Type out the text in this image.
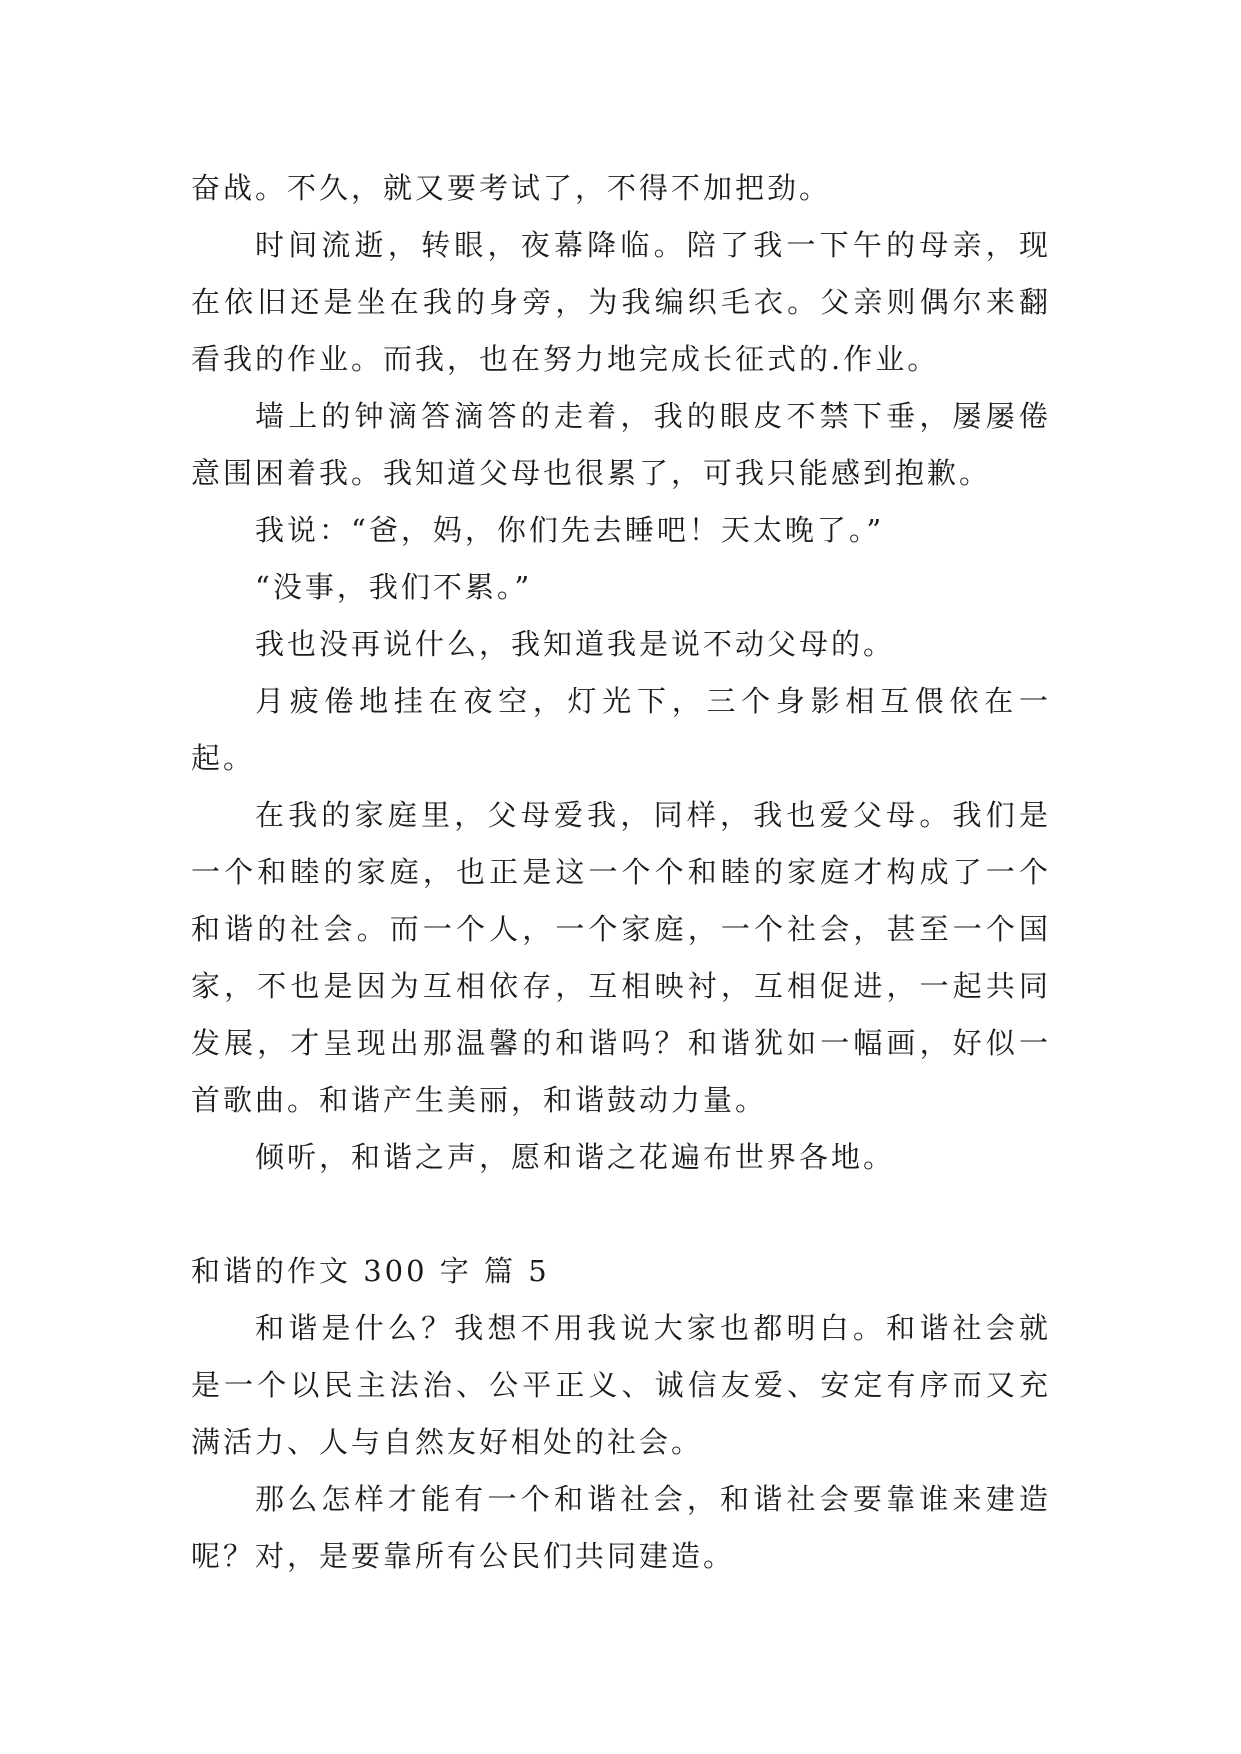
奋战。不久，就又要考试了，不得不加把劲。

时间流逝，转眼，夜幕降临。陪了我一下午的母亲，现在依旧还是坐在我的身旁，为我编织毛衣。父亲则偶尔来翻看我的作业。而我，也在努力地完成长征式的.作业。

墙上的钟滴答滴答的走着，我的眼皮不禁下垂，屡屡倦意围困着我。我知道父母也很累了，可我只能感到抱歉。

我说：“爸，妈，你们先去睡吧！天太晚了。”

“没事，我们不累。”

我也没再说什么，我知道我是说不动父母的。

月疲倦地挂在夜空，灯光下，三个身影相互偎依在一起。

在我的家庭里，父母爱我，同样，我也爱父母。我们是一个和睦的家庭，也正是这一个个和睦的家庭才构成了一个和谐的社会。而一个人，一个家庭，一个社会，甚至一个国家，不也是因为互相依存，互相映衬，互相促进，一起共同发展，才呈现出那温馨的和谐吗？和谐犹如一幅画，好似一首歌曲。和谐产生美丽，和谐鼓动力量。

倾听，和谐之声，愿和谐之花遍布世界各地。

和谐的作文 300 字 篇 5

和谐是什么？我想不用我说大家也都明白。和谐社会就是一个以民主法治、公平正义、诚信友爱、安定有序而又充满活力、人与自然友好相处的社会。

那么怎样才能有一个和谐社会，和谐社会要靠谁来建造呢？对，是要靠所有公民们共同建造。
